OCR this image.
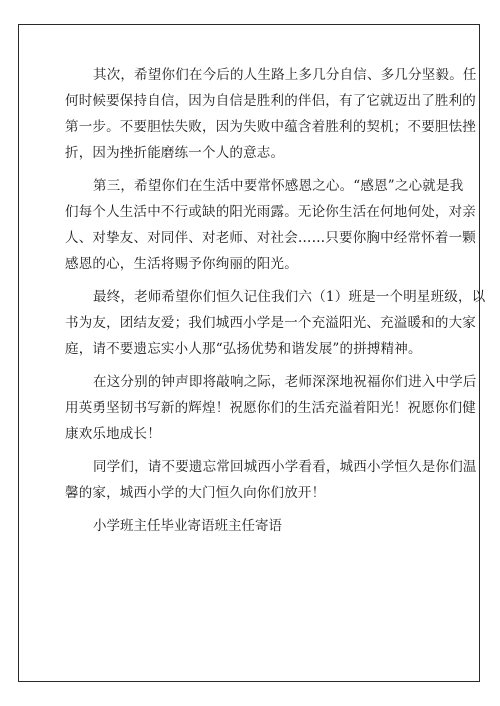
其次，希望你们在今后的人生路上多几分自信、多几分坚毅。任
何时候要保持自信，因为自信是胜利的伴侣，有了它就迈出了胜利的
第一步。不要胆怯失败，因为失败中蕴含着胜利的契机；不要胆怯挫
折，因为挫折能磨练一个人的意志。
第三，希望你们在生活中要常怀感恩之心。“感恩”之心就是我
们每个人生活中不行或缺的阳光雨露。无论你生活在何地何处，对亲
人、对挚友、对同伴、对老师、对社会……只要你胸中经常怀着一颗
感恩的心，生活将赐予你绚丽的阳光。
最终，老师希望你们恒久记住我们六（1）班是一个明星班级，以
书为友，团结友爱；我们城西小学是一个充溢阳光、充溢暖和的大家
庭，请不要遗忘实小人那“弘扬优势和谐发展”的拼搏精神。
在这分别的钟声即将敲响之际，老师深深地祝福你们进入中学后
用英勇坚韧书写新的辉煌！祝愿你们的生活充溢着阳光！祝愿你们健
康欢乐地成长！
同学们，请不要遗忘常回城西小学看看，城西小学恒久是你们温
馨的家，城西小学的大门恒久向你们放开！
小学班主任毕业寄语班主任寄语
